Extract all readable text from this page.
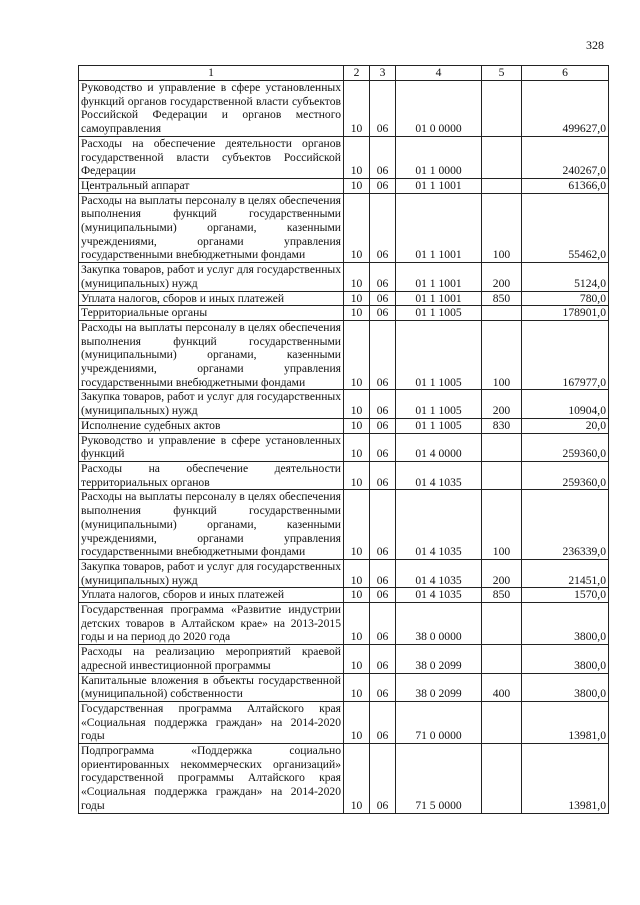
328
1	2	3	4	5	6
Руководство и управление в сфере установленных функций органов государственной власти субъектов Российской Федерации и органов местного самоуправления	10	06	01 0 0000		499627,0
Расходы на обеспечение деятельности органов государственной власти субъектов Российской Федерации	10	06	01 1 0000		240267,0
Центральный аппарат	10	06	01 1 1001		61366,0
Расходы на выплаты персоналу в целях обеспечения выполнения функций государственными (муниципальными) органами, казенными учреждениями, органами управления государственными внебюджетными фондами	10	06	01 1 1001	100	55462,0
Закупка товаров, работ и услуг для государственных (муниципальных) нужд	10	06	01 1 1001	200	5124,0
Уплата налогов, сборов и иных платежей	10	06	01 1 1001	850	780,0
Территориальные органы	10	06	01 1 1005		178901,0
Расходы на выплаты персоналу в целях обеспечения выполнения функций государственными (муниципальными) органами, казенными учреждениями, органами управления государственными внебюджетными фондами	10	06	01 1 1005	100	167977,0
Закупка товаров, работ и услуг для государственных (муниципальных) нужд	10	06	01 1 1005	200	10904,0
Исполнение судебных актов	10	06	01 1 1005	830	20,0
Руководство и управление в сфере установленных функций	10	06	01 4 0000		259360,0
Расходы на обеспечение деятельности территориальных органов	10	06	01 4 1035		259360,0
Расходы на выплаты персоналу в целях обеспечения выполнения функций государственными (муниципальными) органами, казенными учреждениями, органами управления государственными внебюджетными фондами	10	06	01 4 1035	100	236339,0
Закупка товаров, работ и услуг для государственных (муниципальных) нужд	10	06	01 4 1035	200	21451,0
Уплата налогов, сборов и иных платежей	10	06	01 4 1035	850	1570,0
Государственная программа «Развитие индустрии детских товаров в Алтайском крае» на 2013-2015 годы и на период до 2020 года	10	06	38 0 0000		3800,0
Расходы на реализацию мероприятий краевой адресной инвестиционной программы	10	06	38 0 2099		3800,0
Капитальные вложения в объекты государственной (муниципальной) собственности	10	06	38 0 2099	400	3800,0
Государственная программа Алтайского края «Социальная поддержка граждан» на 2014-2020 годы	10	06	71 0 0000		13981,0
Подпрограмма «Поддержка социально ориентированных некоммерческих организаций» государственной программы Алтайского края «Социальная поддержка граждан» на 2014-2020 годы	10	06	71 5 0000		13981,0
